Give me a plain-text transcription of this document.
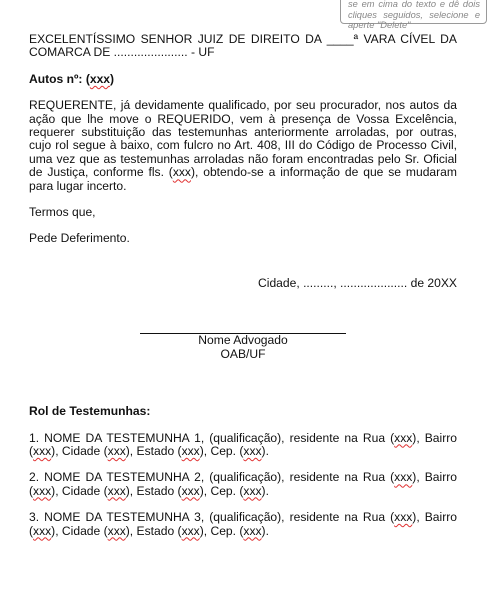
se em cima do texto e dê dois cliques seguidos, selecione e aperte "Delete"

EXCELENTÍSSIMO SENHOR JUIZ DE DIREITO DA ____ª VARA CÍVEL DA COMARCA DE ...................... - UF

Autos nº: (xxx)

REQUERENTE, já devidamente qualificado, por seu procurador, nos autos da ação que lhe move o REQUERIDO, vem à presença de Vossa Excelência, requerer substituição das testemunhas anteriormente arroladas, por outras, cujo rol segue à baixo, com fulcro no Art. 408, III do Código de Processo Civil, uma vez que as testemunhas arroladas não foram encontradas pelo Sr. Oficial de Justiça, conforme fls. (xxx), obtendo-se a informação de que se mudaram para lugar incerto.

Termos que,

Pede Deferimento.

Cidade, ........., .................... de 20XX

Nome Advogado
OAB/UF

Rol de Testemunhas:

1. NOME DA TESTEMUNHA 1, (qualificação), residente na Rua (xxx), Bairro (xxx), Cidade (xxx), Estado (xxx), Cep. (xxx).

2. NOME DA TESTEMUNHA 2, (qualificação), residente na Rua (xxx), Bairro (xxx), Cidade (xxx), Estado (xxx), Cep. (xxx).

3. NOME DA TESTEMUNHA 3, (qualificação), residente na Rua (xxx), Bairro (xxx), Cidade (xxx), Estado (xxx), Cep. (xxx).
